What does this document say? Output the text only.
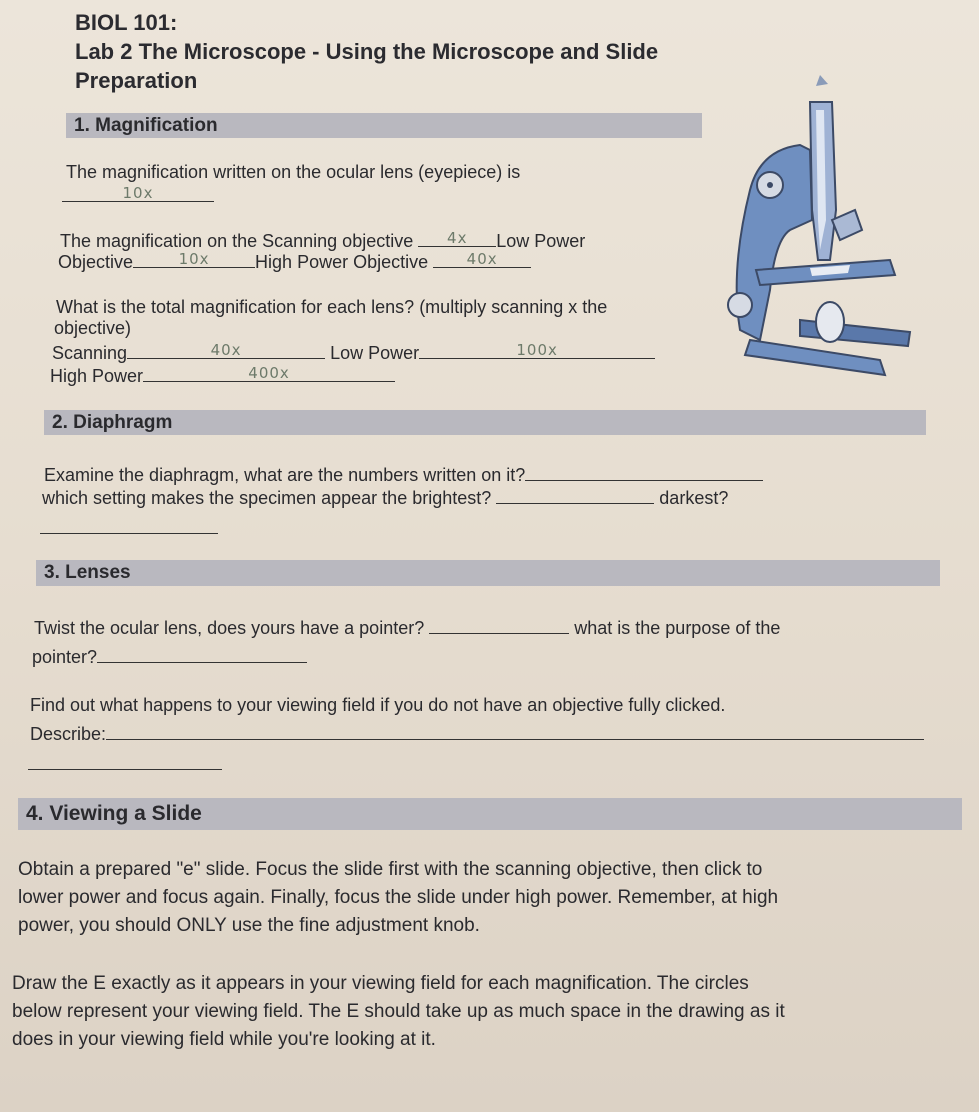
BIOL 101:
Lab 2 The Microscope - Using the Microscope and Slide
Preparation
1. Magnification
The magnification written on the ocular lens (eyepiece) is
10x
The magnification on the Scanning objective	4x	Low Power
Objective	10x	High Power Objective	40x
What is the total magnification for each lens? (multiply scanning x the
objective)
Scanning	40x	Low Power	100x
High Power	400x
2. Diaphragm
Examine the diaphragm, what are the numbers written on it?
which setting makes the specimen appear the brightest?	darkest?
3. Lenses
Twist the ocular lens, does yours have a pointer?	what is the purpose of the
pointer?
Find out what happens to your viewing field if you do not have an objective fully clicked.
Describe:
4. Viewing a Slide
Obtain a prepared "e" slide. Focus the slide first with the scanning objective, then click to
lower power and focus again. Finally, focus the slide under high power. Remember, at high
power, you should ONLY use the fine adjustment knob.
Draw the E exactly as it appears in your viewing field for each magnification. The circles
below represent your viewing field. The E should take up as much space in the drawing as it
does in your viewing field while you're looking at it.
